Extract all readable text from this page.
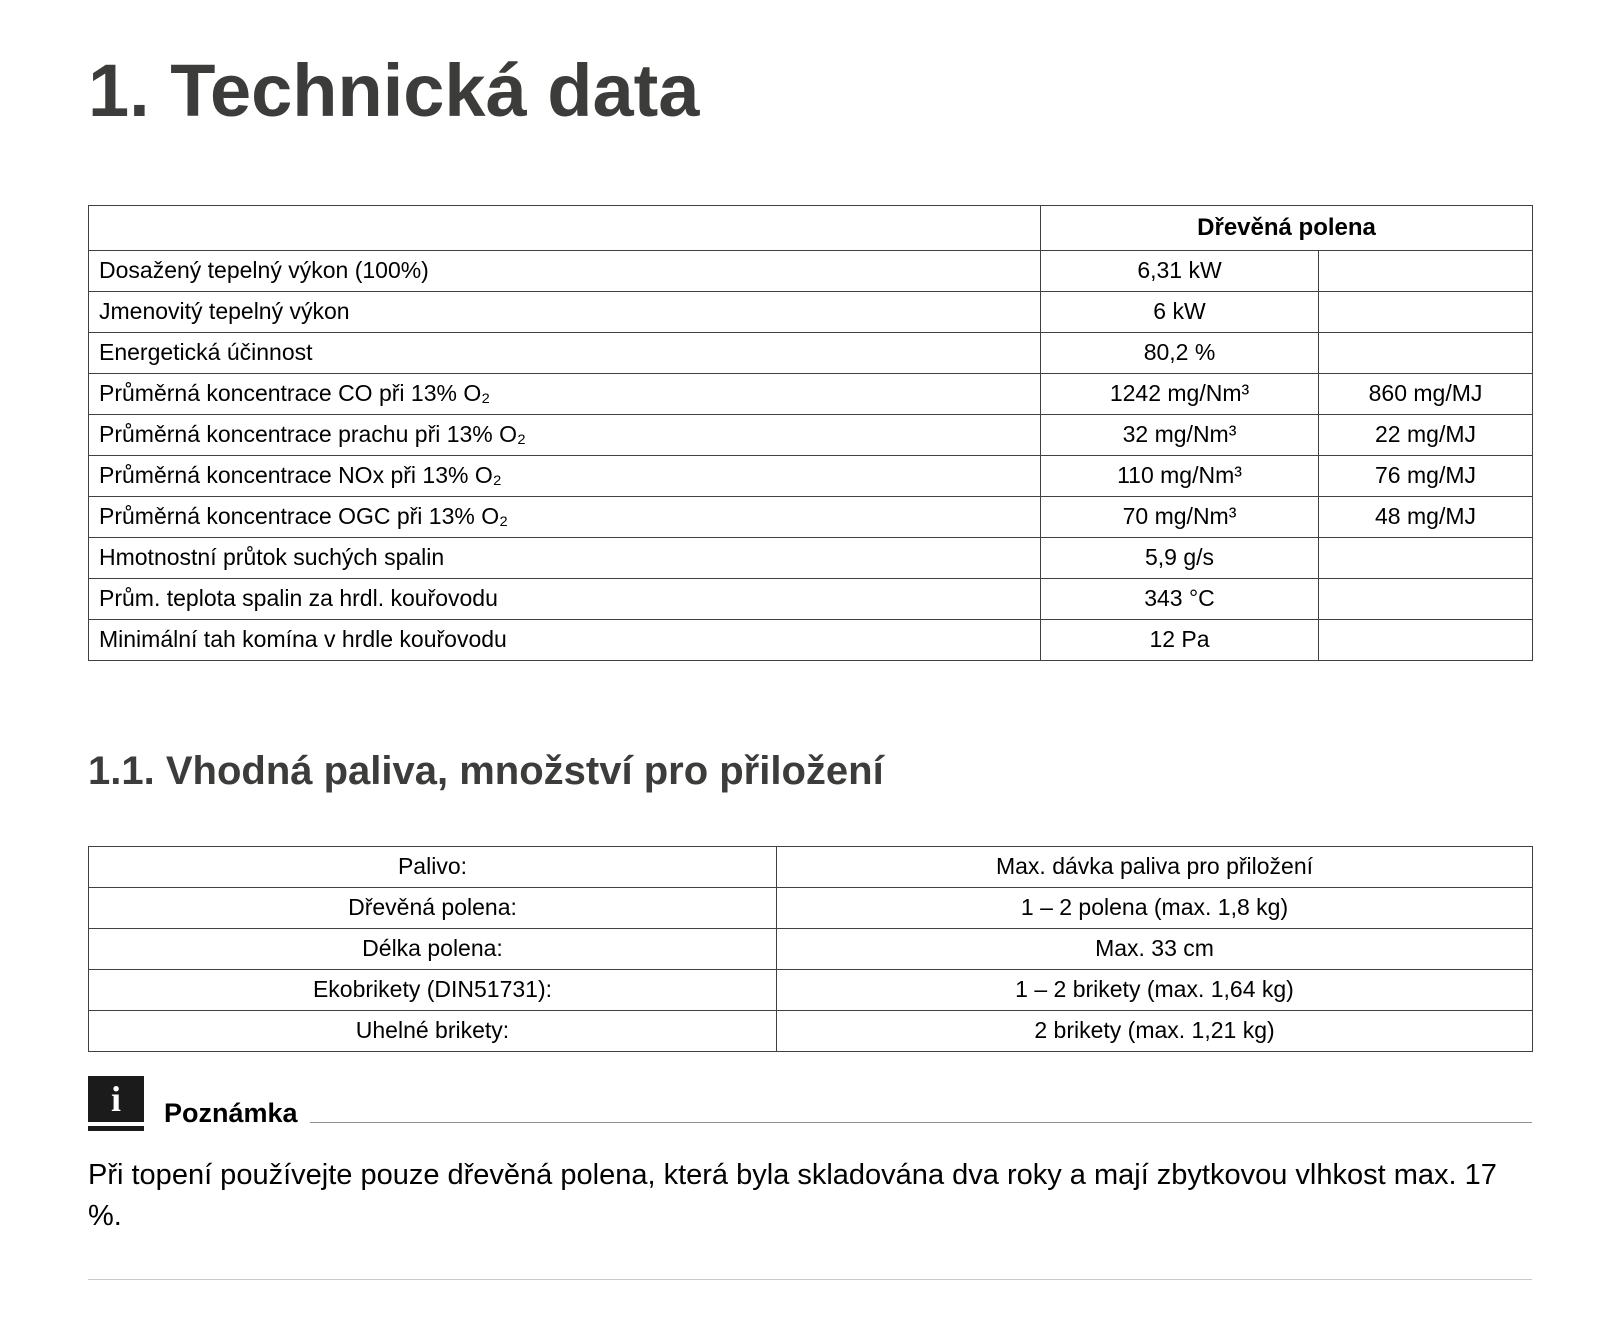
1. Technická data
	Dřevěná polena	
Dosažený tepelný výkon (100%)	6,31 kW	
Jmenovitý tepelný výkon	6 kW	
Energetická účinnost	80,2 %	
Průměrná koncentrace CO při 13% O₂	1242 mg/Nm³	860 mg/MJ
Průměrná koncentrace prachu při 13% O₂	32 mg/Nm³	22 mg/MJ
Průměrná koncentrace NOx při 13% O₂	110 mg/Nm³	76 mg/MJ
Průměrná koncentrace OGC při 13% O₂	70 mg/Nm³	48 mg/MJ
Hmotnostní průtok suchých spalin	5,9 g/s	
Prům. teplota spalin za hrdl. kouřovodu	343 °C	
Minimální tah komína v hrdle kouřovodu	12 Pa	
1.1. Vhodná paliva, množství pro přiložení
Palivo:	Max. dávka paliva pro přiložení
Dřevěná polena:	1 – 2 polena (max. 1,8 kg)
Délka polena:	Max. 33 cm
Ekobrikety (DIN51731):	1 – 2 brikety (max. 1,64 kg)
Uhelné brikety:	2 brikety (max. 1,21 kg)
i	Poznámka

Při topení používejte pouze dřevěná polena, která byla skladována dva roky a mají zbytkovou vlhkost max. 17 %.
